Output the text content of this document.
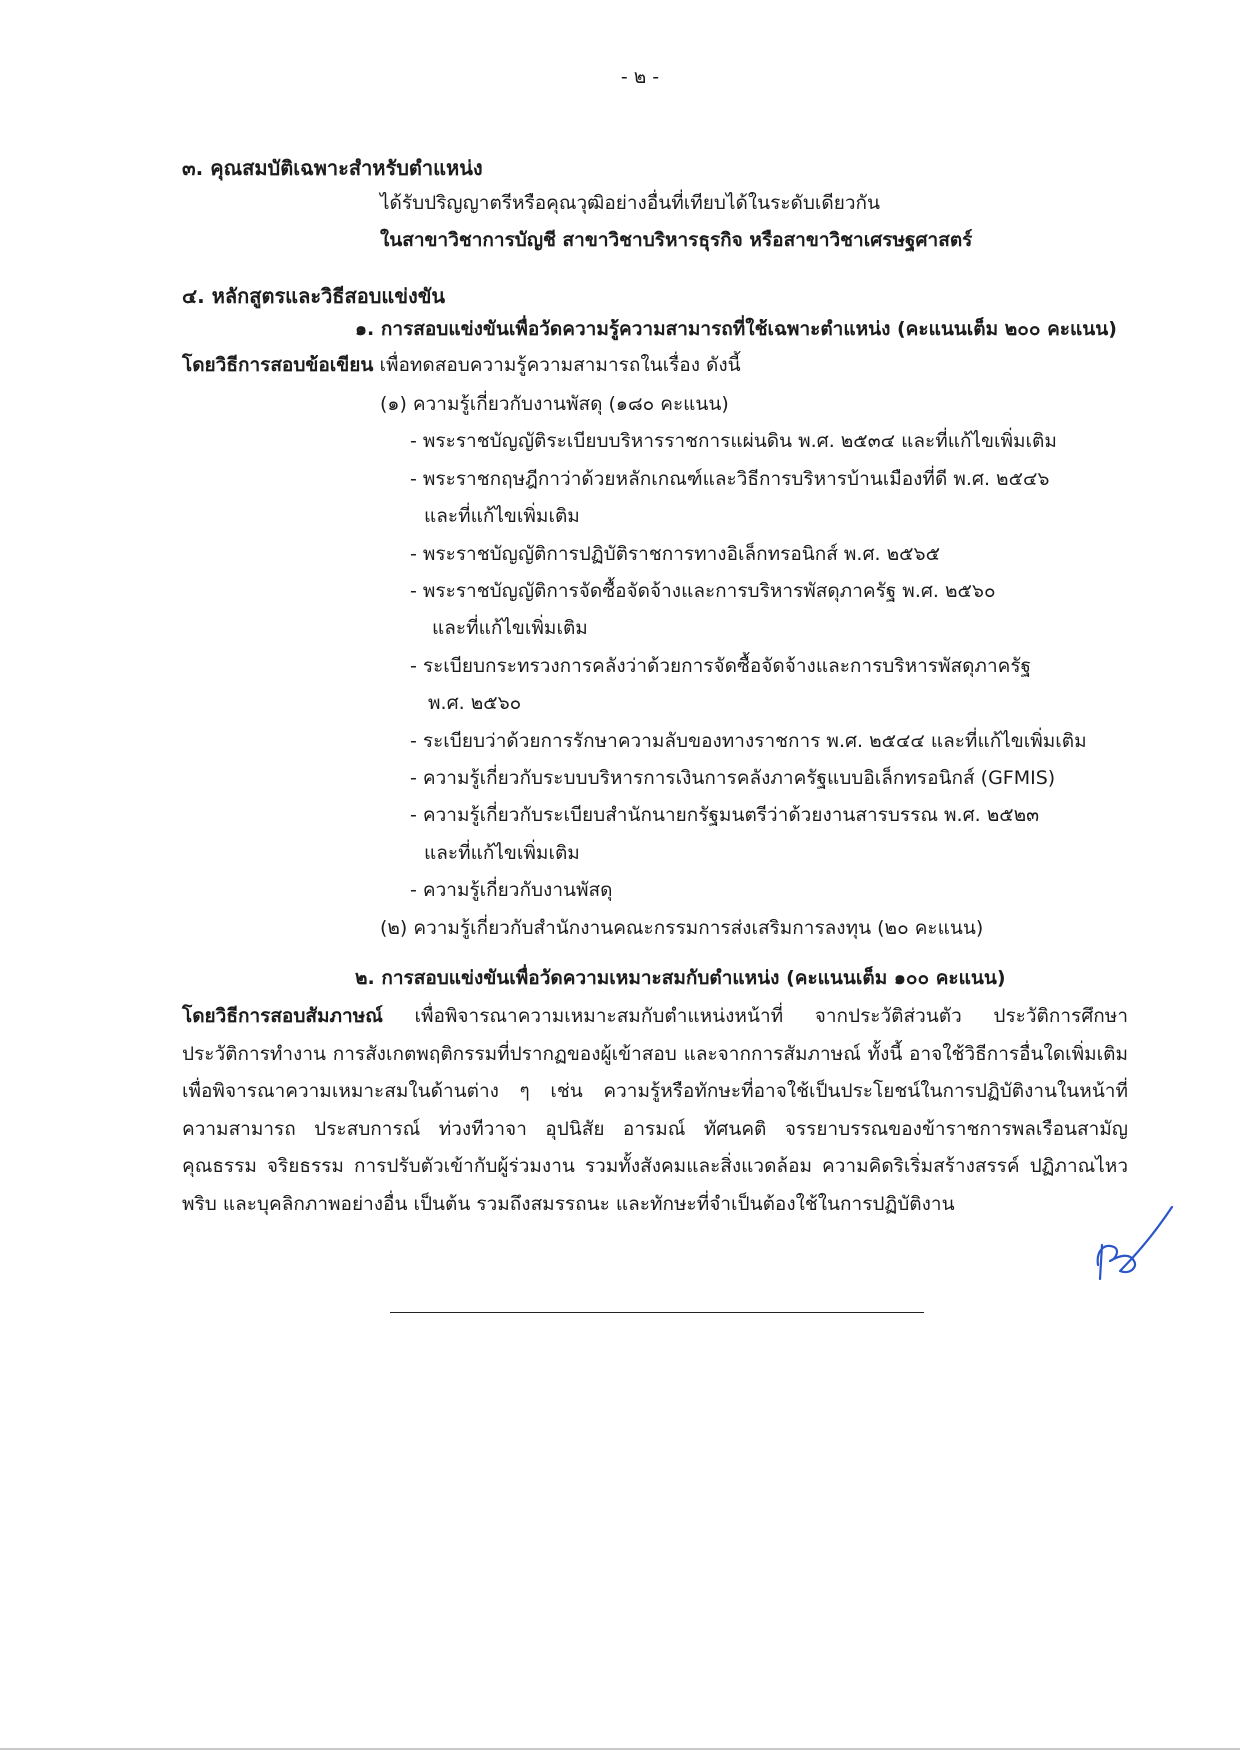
- ๒ -
๓. คุณสมบัติเฉพาะสำหรับตำแหน่ง
ได้รับปริญญาตรีหรือคุณวุฒิอย่างอื่นที่เทียบได้ในระดับเดียวกัน
ในสาขาวิชาการบัญชี สาขาวิชาบริหารธุรกิจ หรือสาขาวิชาเศรษฐศาสตร์
๔. หลักสูตรและวิธีสอบแข่งขัน
๑. การสอบแข่งขันเพื่อวัดความรู้ความสามารถที่ใช้เฉพาะตำแหน่ง (คะแนนเต็ม ๒๐๐ คะแนน)
โดยวิธีการสอบข้อเขียน เพื่อทดสอบความรู้ความสามารถในเรื่อง ดังนี้
(๑) ความรู้เกี่ยวกับงานพัสดุ (๑๘๐ คะแนน)
- พระราชบัญญัติระเบียบบริหารราชการแผ่นดิน พ.ศ. ๒๕๓๔ และที่แก้ไขเพิ่มเติม
- พระราชกฤษฎีกาว่าด้วยหลักเกณฑ์และวิธีการบริหารบ้านเมืองที่ดี พ.ศ. ๒๕๔๖
และที่แก้ไขเพิ่มเติม
- พระราชบัญญัติการปฏิบัติราชการทางอิเล็กทรอนิกส์ พ.ศ. ๒๕๖๕
- พระราชบัญญัติการจัดซื้อจัดจ้างและการบริหารพัสดุภาครัฐ พ.ศ. ๒๕๖๐
และที่แก้ไขเพิ่มเติม
- ระเบียบกระทรวงการคลังว่าด้วยการจัดซื้อจัดจ้างและการบริหารพัสดุภาครัฐ
พ.ศ. ๒๕๖๐
- ระเบียบว่าด้วยการรักษาความลับของทางราชการ พ.ศ. ๒๕๔๔ และที่แก้ไขเพิ่มเติม
- ความรู้เกี่ยวกับระบบบริหารการเงินการคลังภาครัฐแบบอิเล็กทรอนิกส์ (GFMIS)
- ความรู้เกี่ยวกับระเบียบสำนักนายกรัฐมนตรีว่าด้วยงานสารบรรณ พ.ศ. ๒๕๒๓
และที่แก้ไขเพิ่มเติม
- ความรู้เกี่ยวกับงานพัสดุ
(๒) ความรู้เกี่ยวกับสำนักงานคณะกรรมการส่งเสริมการลงทุน (๒๐ คะแนน)
๒. การสอบแข่งขันเพื่อวัดความเหมาะสมกับตำแหน่ง (คะแนนเต็ม ๑๐๐ คะแนน)
โดยวิธีการสอบสัมภาษณ์ เพื่อพิจารณาความเหมาะสมกับตำแหน่งหน้าที่ จากประวัติส่วนตัว ประวัติการศึกษา ประวัติการทำงาน การสังเกตพฤติกรรมที่ปรากฏของผู้เข้าสอบ และจากการสัมภาษณ์ ทั้งนี้ อาจใช้วิธีการอื่นใดเพิ่มเติมเพื่อพิจารณาความเหมาะสมในด้านต่าง ๆ เช่น ความรู้หรือทักษะที่อาจใช้เป็นประโยชน์ในการปฏิบัติงานในหน้าที่ ความสามารถ ประสบการณ์ ท่วงทีวาจา อุปนิสัย อารมณ์ ทัศนคติ จรรยาบรรณของข้าราชการพลเรือนสามัญ คุณธรรม จริยธรรม การปรับตัวเข้ากับผู้ร่วมงาน รวมทั้งสังคมและสิ่งแวดล้อม ความคิดริเริ่มสร้างสรรค์ ปฏิภาณไหวพริบ และบุคลิกภาพอย่างอื่น เป็นต้น รวมถึงสมรรถนะ และทักษะที่จำเป็นต้องใช้ในการปฏิบัติงาน
